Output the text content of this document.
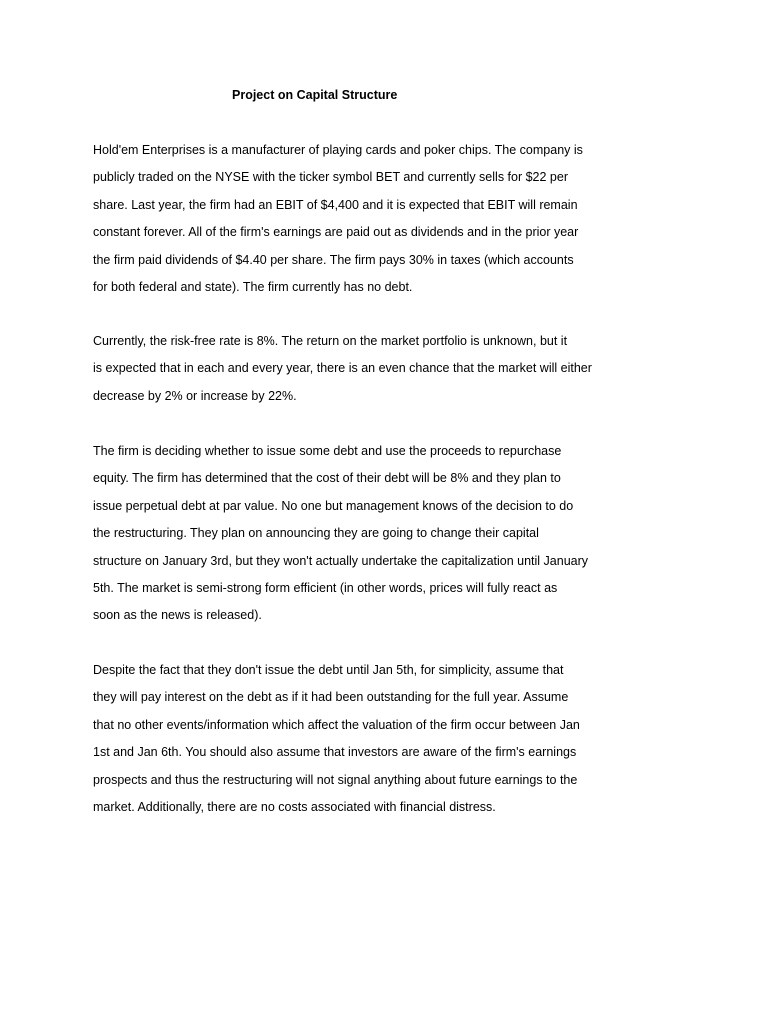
Project on Capital Structure
Hold'em Enterprises is a manufacturer of playing cards and poker chips. The company is
publicly traded on the NYSE with the ticker symbol BET and currently sells for $22 per
share. Last year, the firm had an EBIT of $4,400 and it is expected that EBIT will remain
constant forever. All of the firm's earnings are paid out as dividends and in the prior year
the firm paid dividends of $4.40 per share. The firm pays 30% in taxes (which accounts
for both federal and state). The firm currently has no debt.
Currently, the risk-free rate is 8%. The return on the market portfolio is unknown, but it
is expected that in each and every year, there is an even chance that the market will either
decrease by 2% or increase by 22%.
The firm is deciding whether to issue some debt and use the proceeds to repurchase
equity. The firm has determined that the cost of their debt will be 8% and they plan to
issue perpetual debt at par value. No one but management knows of the decision to do
the restructuring. They plan on announcing they are going to change their capital
structure on January 3rd, but they won't actually undertake the capitalization until January
5th. The market is semi-strong form efficient (in other words, prices will fully react as
soon as the news is released).
Despite the fact that they don't issue the debt until Jan 5th, for simplicity, assume that
they will pay interest on the debt as if it had been outstanding for the full year. Assume
that no other events/information which affect the valuation of the firm occur between Jan
1st and Jan 6th. You should also assume that investors are aware of the firm's earnings
prospects and thus the restructuring will not signal anything about future earnings to the
market. Additionally, there are no costs associated with financial distress.
